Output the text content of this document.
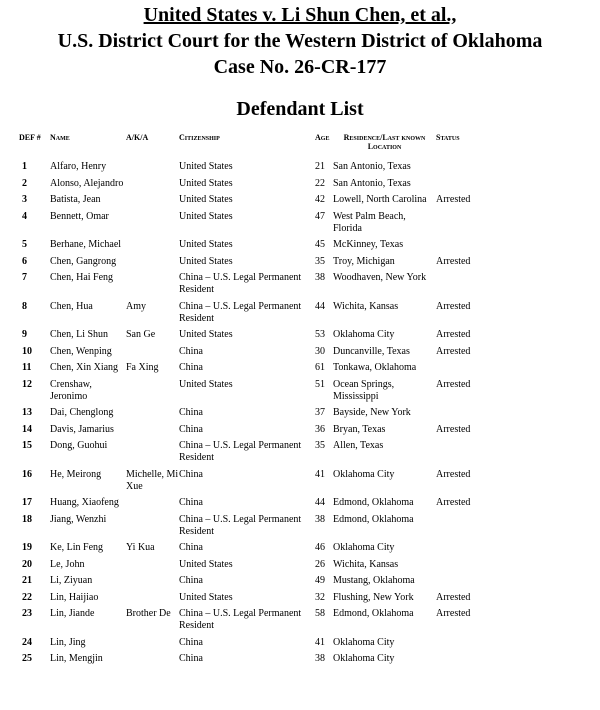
United States v. Li Shun Chen, et al.,
U.S. District Court for the Western District of Oklahoma
Case No. 26-CR-177
Defendant List
DEF #	Name	A/K/A	Citizenship	Age	Residence/Last known Location	Status
1	Alfaro, Henry		United States	21	San Antonio, Texas	
2	Alonso, Alejandro		United States	22	San Antonio, Texas	
3	Batista, Jean		United States	42	Lowell, North Carolina	Arrested
4	Bennett, Omar		United States	47	West Palm Beach, Florida	
5	Berhane, Michael		United States	45	McKinney, Texas	
6	Chen, Gangrong		United States	35	Troy, Michigan	Arrested
7	Chen, Hai Feng		China – U.S. Legal Permanent Resident	38	Woodhaven, New York	
8	Chen, Hua	Amy	China – U.S. Legal Permanent Resident	44	Wichita, Kansas	Arrested
9	Chen, Li Shun	San Ge	United States	53	Oklahoma City	Arrested
10	Chen, Wenping		China	30	Duncanville, Texas	Arrested
11	Chen, Xin Xiang	Fa Xing	China	61	Tonkawa, Oklahoma	
12	Crenshaw, Jeronimo		United States	51	Ocean Springs, Mississippi	Arrested
13	Dai, Chenglong		China	37	Bayside, New York	
14	Davis, Jamarius		China	36	Bryan, Texas	Arrested
15	Dong, Guohui		China – U.S. Legal Permanent Resident	35	Allen, Texas	
16	He, Meirong	Michelle, Mi Xue	China	41	Oklahoma City	Arrested
17	Huang, Xiaofeng		China	44	Edmond, Oklahoma	Arrested
18	Jiang, Wenzhi		China – U.S. Legal Permanent Resident	38	Edmond, Oklahoma	
19	Ke, Lin Feng	Yi Kua	China	46	Oklahoma City	
20	Le, John		United States	26	Wichita, Kansas	
21	Li, Ziyuan		China	49	Mustang, Oklahoma	
22	Lin, Haijiao		United States	32	Flushing, New York	Arrested
23	Lin, Jiande	Brother De	China – U.S. Legal Permanent Resident	58	Edmond, Oklahoma	Arrested
24	Lin, Jing		China	41	Oklahoma City	
25	Lin, Mengjin		China	38	Oklahoma City	
